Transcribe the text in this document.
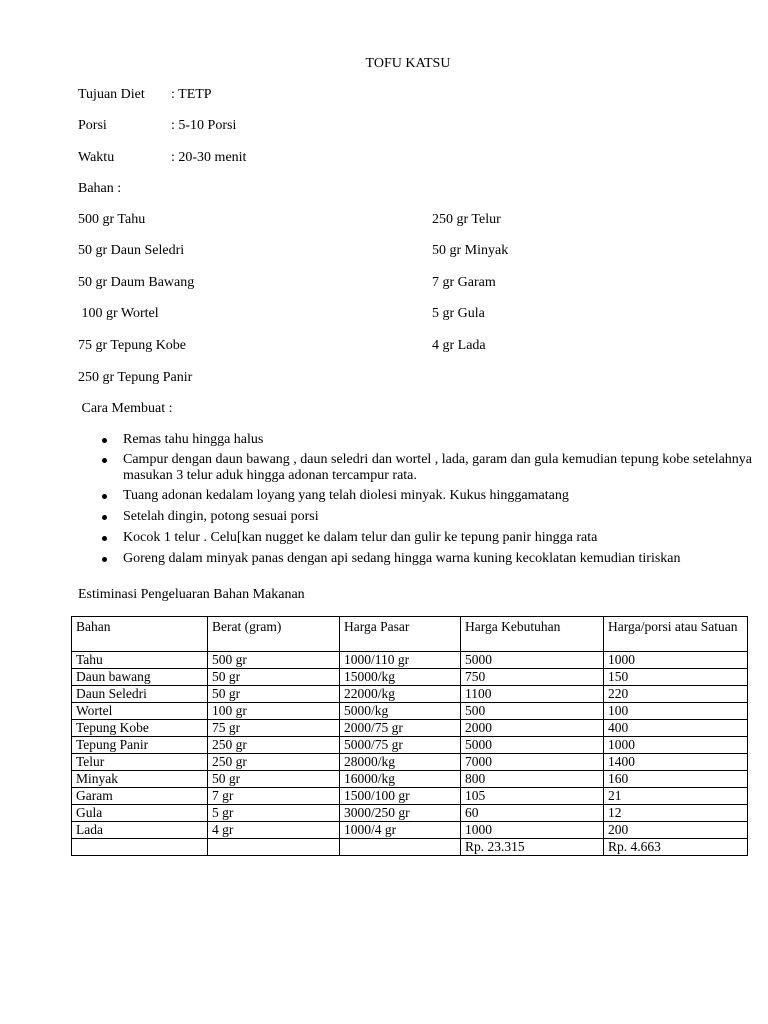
TOFU KATSU
Tujuan Diet : TETP
Porsi	: 5-10 Porsi
Waktu	: 20-30 menit
Bahan :
500 gr Tahu
50 gr Daun Seledri
50 gr Daum Bawang
100 gr Wortel
75 gr Tepung Kobe
250 gr Tepung Panir
250 gr Telur
50 gr Minyak
7 gr Garam
5 gr Gula
4 gr Lada
Cara Membuat :
Remas tahu hingga halus
Campur dengan daun bawang , daun seledri dan wortel , lada, garam dan gula kemudian tepung kobe setelahnya masukan 3 telur aduk hingga adonan tercampur rata.
Tuang adonan kedalam loyang yang telah diolesi minyak. Kukus hinggamatang
Setelah dingin, potong sesuai porsi
Kocok 1 telur . Celu[kan nugget ke dalam telur dan gulir ke tepung panir hingga rata
Goreng dalam minyak panas dengan api sedang hingga warna kuning kecoklatan kemudian tiriskan
Estiminasi Pengeluaran Bahan Makanan
Bahan	Berat (gram)	Harga Pasar	Harga Kebutuhan	Harga/porsi atau Satuan
Tahu	500 gr	1000/110 gr	5000	1000
Daun bawang	50 gr	15000/kg	750	150
Daun Seledri	50 gr	22000/kg	1100	220
Wortel	100 gr	5000/kg	500	100
Tepung Kobe	75 gr	2000/75 gr	2000	400
Tepung Panir	250 gr	5000/75 gr	5000	1000
Telur	250 gr	28000/kg	7000	1400
Minyak	50 gr	16000/kg	800	160
Garam	7 gr	1500/100 gr	105	21
Gula	5 gr	3000/250 gr	60	12
Lada	4 gr	1000/4 gr	1000	200
			Rp. 23.315	Rp. 4.663
